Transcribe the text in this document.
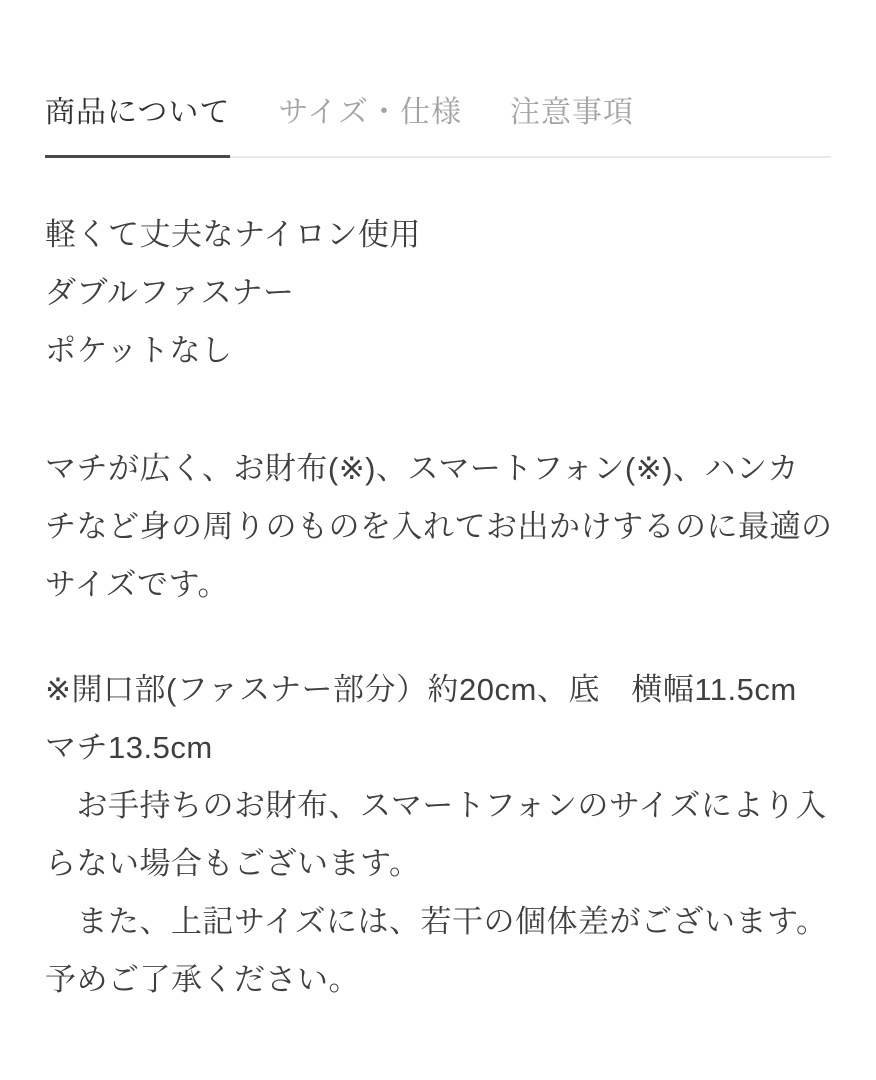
商品について サイズ・仕様 注意事項

軽くて丈夫なナイロン使用
ダブルファスナー
ポケットなし

マチが広く、お財布(※)、スマートフォン(※)、ハンカ
チなど身の周りのものを入れてお出かけするのに最適の
サイズです。

※開口部(ファスナー部分）約20cm、底　横幅11.5cm
マチ13.5cm
　お手持ちのお財布、スマートフォンのサイズにより入
らない場合もございます。
　また、上記サイズには、若干の個体差がございます。
予めご了承ください。
